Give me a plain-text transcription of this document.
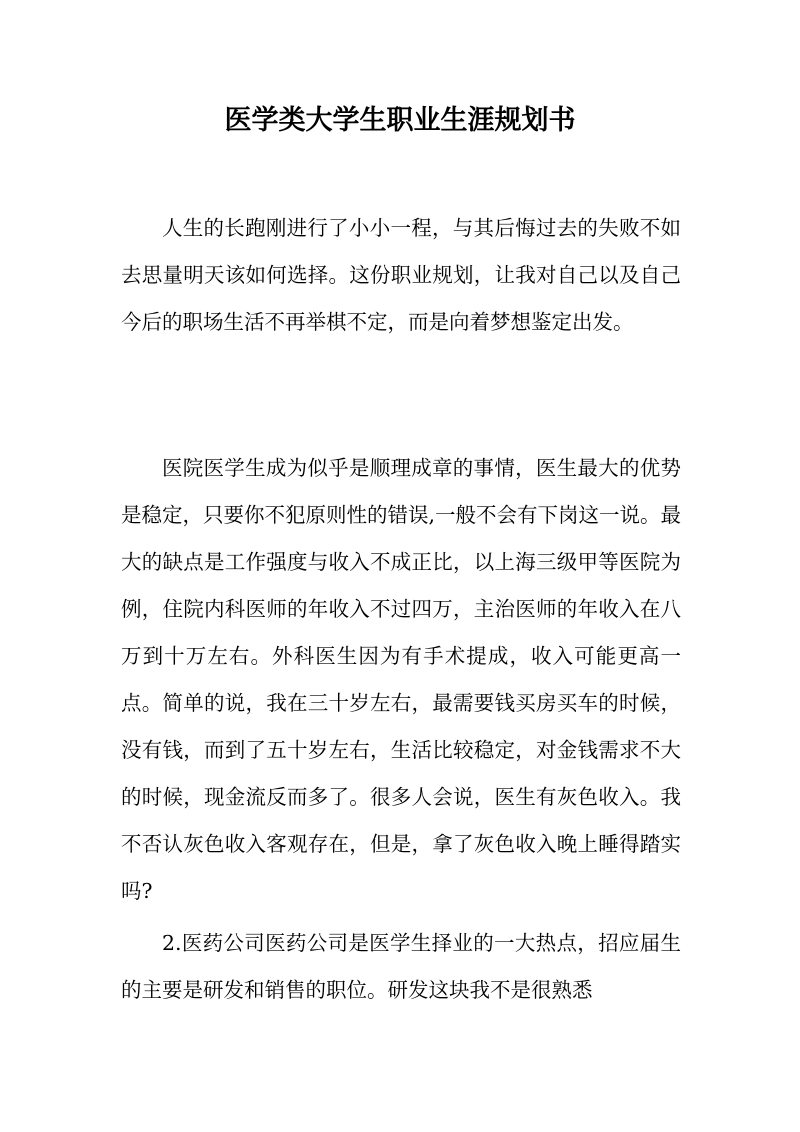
医学类大学生职业生涯规划书

人生的长跑刚进行了小小一程，与其后悔过去的失败不如去思量明天该如何选择。这份职业规划，让我对自己以及自己今后的职场生活不再举棋不定，而是向着梦想鉴定出发。

医院医学生成为似乎是顺理成章的事情，医生最大的优势是稳定，只要你不犯原则性的错误,一般不会有下岗这一说。最大的缺点是工作强度与收入不成正比，以上海三级甲等医院为例，住院内科医师的年收入不过四万，主治医师的年收入在八万到十万左右。外科医生因为有手术提成，收入可能更高一点。简单的说，我在三十岁左右，最需要钱买房买车的时候，没有钱，而到了五十岁左右，生活比较稳定，对金钱需求不大的时候，现金流反而多了。很多人会说，医生有灰色收入。我不否认灰色收入客观存在，但是，拿了灰色收入晚上睡得踏实吗?

2.医药公司医药公司是医学生择业的一大热点，招应届生的主要是研发和销售的职位。研发这块我不是很熟悉
